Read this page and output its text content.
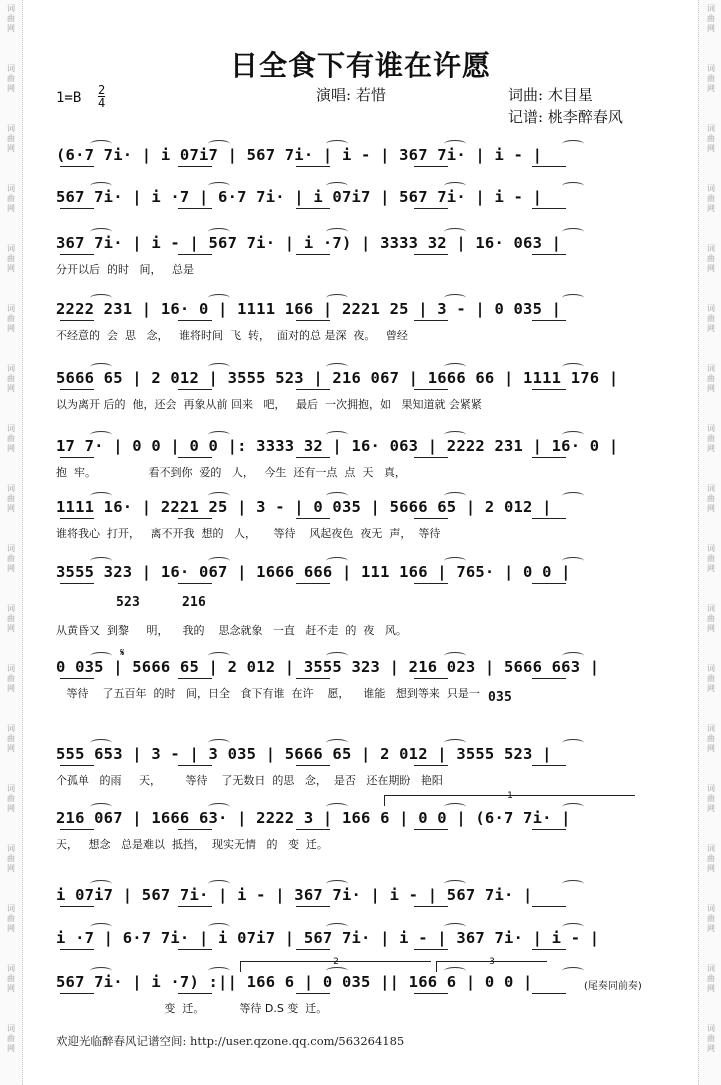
词
曲
网
词
曲
网
词
曲
网
词
曲
网
词
曲
网
词
曲
网
词
曲
网
词
曲
网
词
曲
网
词
曲
网
词
曲
网
词
曲
网
词
曲
网
词
曲
网
词
曲
网
词
曲
网
词
曲
网
词
曲
网
词
曲
网
词
曲
网
词
曲
网
词
曲
网
词
曲
网
词
曲
网
词
曲
网
词
曲
网
词
曲
网
词
曲
网
词
曲
网
词
曲
网
词
曲
网
词
曲
网
词
曲
网
词
曲
网
词
曲
网
词
曲
网
日全食下有谁在许愿
1=B 2
4	演唱: 若惜	词曲: 木目星
记谱: 桃李醉春风
(6·7 7i· | i 07i7 | 567 7i· | i - | 367 7i· | i - |
567 7i· | i ·7 | 6·7 7i· | i 07i7 | 567 7i· | i - |
367 7i· | i - | 567 7i· | i ·7) | 3333 32 | 16· 063 |
分开以后  的时   间，   总是
2222 231 | 16· 0 | 1111 166 | 2221 25 | 3 - | 0 035 |
不经意的  会  思   念，   谁将时间  飞  转，  面对的总 是深  夜。   曾经
5666 65 | 2 012 | 3555 523 | 216 067 | 1666 66 | 1111 176 |
以为离开 后的  他，还会  再象从前 回来   吧，   最后  一次拥抱，如   果知道就 会紧紧
17 7· | 0 0 | 0 0 |: 3333 32 | 16· 063 | 2222 231 | 16· 0 |
抱  牢。               看不到你  爱的   人，   今生  还有一点  点  天   真，
1111 16· | 2221 25 | 3 - | 0 035 | 5666 65 | 2 012 |
谁将我心  打开，   离不开我  想的   人，     等待    风起夜色  夜无  声，  等待
3555 323 | 16· 067 | 1666 666 | 111 166 | 765· | 0 0 |
从黄昏又  到黎     明，    我的    思念就象   一直   赶不走  的  夜   风。
523	216
0 035 | 5666 65 | 2 012 | 3555 323 | 216 023 | 5666 663 |
等待    了五百年  的时   间，日全   食下有谁  在许    愿，    谁能   想到等来  只是一 035
555 653 | 3 - | 3 035 | 5666 65 | 2 012 | 3555 523 |
个孤单   的雨     天，       等待    了无数日  的思   念，  是否   还在期盼   艳阳
216 067 | 1666 63· | 2222 3 | 166 6 | 0 0 | (6·7 7i· |
天，   想念   总是难以  抵挡，  现实无情   的   变  迁。
1
i 07i7 | 567 7i· | i - | 367 7i· | i - | 567 7i· |
i ·7 | 6·7 7i· | i 07i7 | 567 7i· | i - | 367 7i· | i - |
567 7i· | i ·7) :|| 166 6 | 0 035 || 166 6 | 0 0 |
变  迁。          等待 D.S 变  迁。
2	3
(尾奏同前奏)
𝄋
欢迎光临醉春风记谱空间: http://user.qzone.qq.com/563264185
